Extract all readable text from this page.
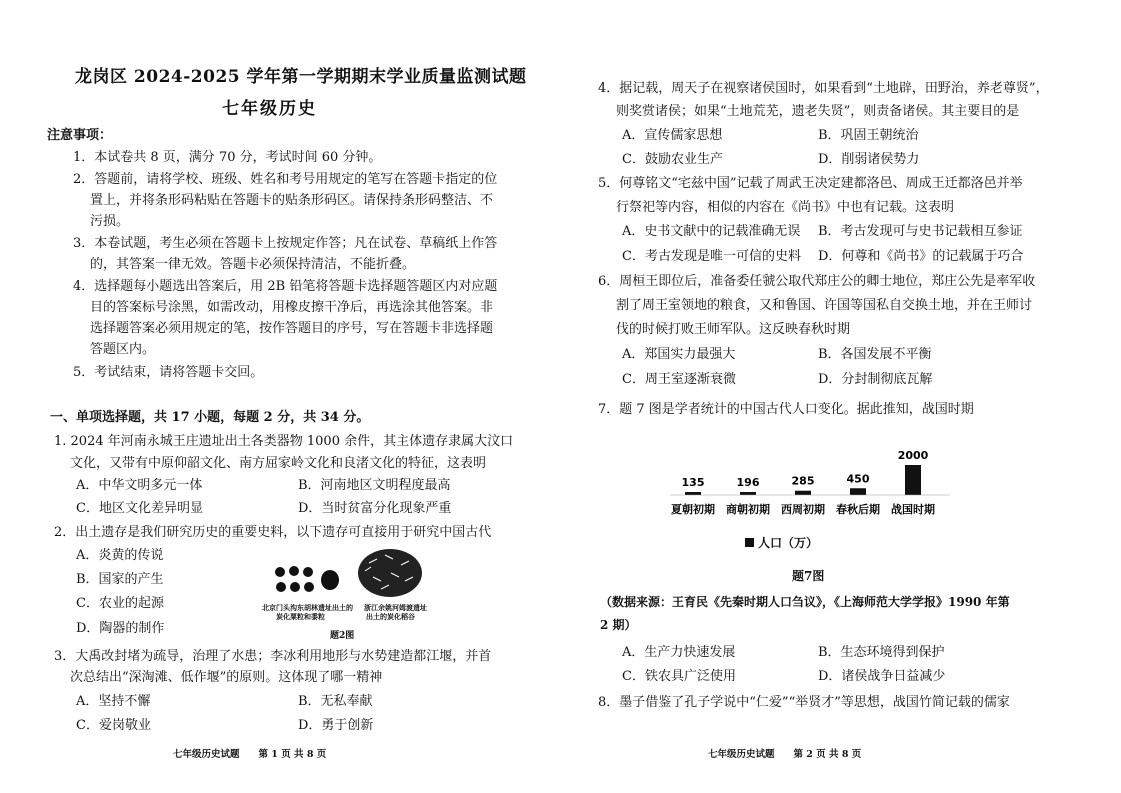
龙岗区 2024-2025 学年第一学期期末学业质量监测试题
七年级历史
注意事项：
1．本试卷共 8 页，满分 70 分，考试时间 60 分钟。
2．答题前，请将学校、班级、姓名和考号用规定的笔写在答题卡指定的位
置上，并将条形码粘贴在答题卡的贴条形码区。请保持条形码整洁、不
污损。
3．本卷试题，考生必须在答题卡上按规定作答；凡在试卷、草稿纸上作答
的，其答案一律无效。答题卡必须保持清洁，不能折叠。
4．选择题每小题选出答案后，用 2B 铅笔将答题卡选择题答题区内对应题
目的答案标号涂黑，如需改动，用橡皮擦干净后，再选涂其他答案。非
选择题答案必须用规定的笔，按作答题目的序号，写在答题卡非选择题
答题区内。
5．考试结束，请将答题卡交回。
一、单项选择题，共 17 小题，每题 2 分，共 34 分。
1. 2024 年河南永城王庄遗址出土各类器物 1000 余件，其主体遗存隶属大汶口
文化，又带有中原仰韶文化、南方屈家岭文化和良渚文化的特征，这表明
A．中华文明多元一体	B．河南地区文明程度最高
C．地区文化差异明显	D．当时贫富分化现象严重
2．出土遗存是我们研究历史的重要史料，以下遗存可直接用于研究中国古代
A．炎黄的传说
B．国家的产生
C．农业的起源
D．陶器的制作
北京门头沟东胡林遗址出土的
炭化粟粒和黍粒
浙江余姚河姆渡遗址
出土的炭化稻谷
题2图
3．大禹改封堵为疏导，治理了水患；李冰利用地形与水势建造都江堰，并首
次总结出“深淘滩、低作堰”的原则。这体现了哪一精神
A．坚持不懈	B．无私奉献
C．爱岗敬业	D．勇于创新
七年级历史试题　　第 1 页 共 8 页
4．据记载，周天子在视察诸侯国时，如果看到“土地辟，田野治，养老尊贤”，
则奖赏诸侯；如果“土地荒芜，遗老失贤”，则责备诸侯。其主要目的是
A．宣传儒家思想	B．巩固王朝统治
C．鼓励农业生产	D．削弱诸侯势力
5．何尊铭文“宅兹中国”记载了周武王决定建都洛邑、周成王迁都洛邑并举
行祭祀等内容，相似的内容在《尚书》中也有记载。这表明
A．史书文献中的记载准确无误 B．考古发现可与史书记载相互参证
C．考古发现是唯一可信的史料 D．何尊和《尚书》的记载属于巧合
6．周桓王即位后，准备委任虢公取代郑庄公的卿士地位，郑庄公先是率军收
割了周王室领地的粮食，又和鲁国、许国等国私自交换土地，并在王师讨
伐的时候打败王师军队。这反映春秋时期
A．郑国实力最强大	B．各国发展不平衡
C．周王室逐渐衰微	D．分封制彻底瓦解
7．题 7 图是学者统计的中国古代人口变化。据此推知，战国时期
135
夏朝初期
196
商朝初期
285
西周初期
450
春秋后期
2000
战国时期
人口（万）
题7图
（数据来源：王育民《先秦时期人口刍议》，《上海师范大学学报》1990 年第
2 期）
A．生产力快速发展	B．生态环境得到保护
C．铁农具广泛使用	D．诸侯战争日益减少
8．墨子借鉴了孔子学说中“仁爱”“举贤才”等思想，战国竹简记载的儒家
七年级历史试题　　第 2 页 共 8 页
